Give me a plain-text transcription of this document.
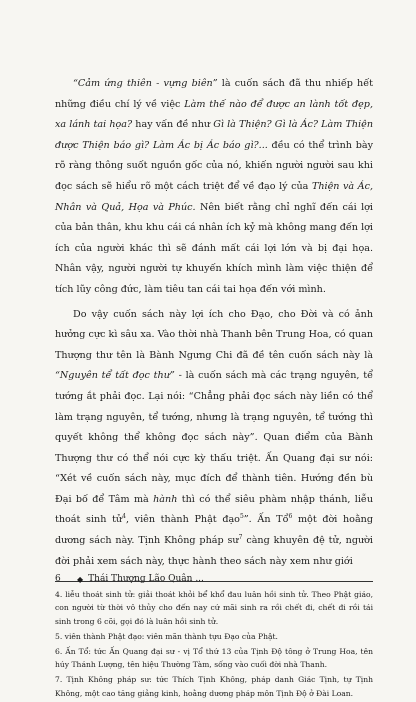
“Cảm ứng thiên - vựng biên” là cuốn sách đã thu nhiếp hết những điều chí lý về việc Làm thế nào để được an lành tốt đẹp, xa lánh tai họa? hay vấn đề như Gì là Thiện? Gì là Ác? Làm Thiện được Thiện báo gì? Làm Ác bị Ác báo gì?... đều có thể trình bày rõ ràng thông suốt nguồn gốc của nó, khiến người người sau khi đọc sách sẽ hiểu rõ một cách triệt để về đạo lý của Thiện và Ác, Nhân và Quả, Họa và Phúc. Nên biết rằng chỉ nghĩ đến cái lợi của bản thân, khu khu cái cá nhân ích kỷ mà không mang đến lợi ích của người khác thì sẽ đánh mất cái lợi lớn và bị đại họa. Nhân vậy, người người tự khuyến khích mình làm việc thiện để tích lũy công đức, làm tiêu tan cái tai họa đến với mình.

Do vậy cuốn sách này lợi ích cho Đạo, cho Đời và có ảnh hưởng cực kì sâu xa. Vào thời nhà Thanh bên Trung Hoa, có quan Thượng thư tên là Bành Ngưng Chi đã đề tên cuốn sách này là “Nguyên tể tất đọc thư” - là cuốn sách mà các trạng nguyên, tể tướng ắt phải đọc. Lại nói: “Chẳng phải đọc sách này liền có thể làm trạng nguyên, tể tướng, nhưng là trạng nguyên, tể tướng thì quyết không thể không đọc sách này”. Quan điểm của Bành Thượng thư có thể nói cực kỳ thấu triệt. Ấn Quang đại sư nói: “Xét về cuốn sách này, mục đích để thành tiên. Hướng đền bù Đại bố để Tâm mà hành thì có thể siêu phàm nhập thánh, liễu thoát sinh tử$^4$, viên thành Phật đạo$^5$”. Ấn Tổ$^6$ một đời hoằng dương sách này. Tịnh Không pháp $sư^7$ càng khuyên đệ tử, người đời phải xem sách này, thực hành theo sách này xem như giới

4. liễu thoát sinh tử: giải thoát khỏi bể khổ đau luân hồi sinh tử. Theo Phật giáo, con người từ thời vô thủy cho đến nay cứ mãi sinh ra rồi chết đi, chết đi rồi tái sinh trong 6 cõi, gọi đó là luân hồi sinh tử.

5. viên thành Phật đạo: viên mãn thành tựu Đạo của Phật.

6. Ấn Tổ: tức Ấn Quang đại sư - vị Tổ thứ 13 của Tịnh Độ tông ở Trung Hoa, tên húy Thánh Lượng, tên hiệu Thường Tàm, sống vào cuối đời nhà Thanh.

7. Tịnh Không pháp sư: tức Thích Tịnh Không, pháp danh Giác Tịnh, tự Tịnh Không, một cao tăng giảng kinh, hoằng dương pháp môn Tịnh Độ ở Đài Loan.

6	◆ Thái Thượng Lão Quân ...
